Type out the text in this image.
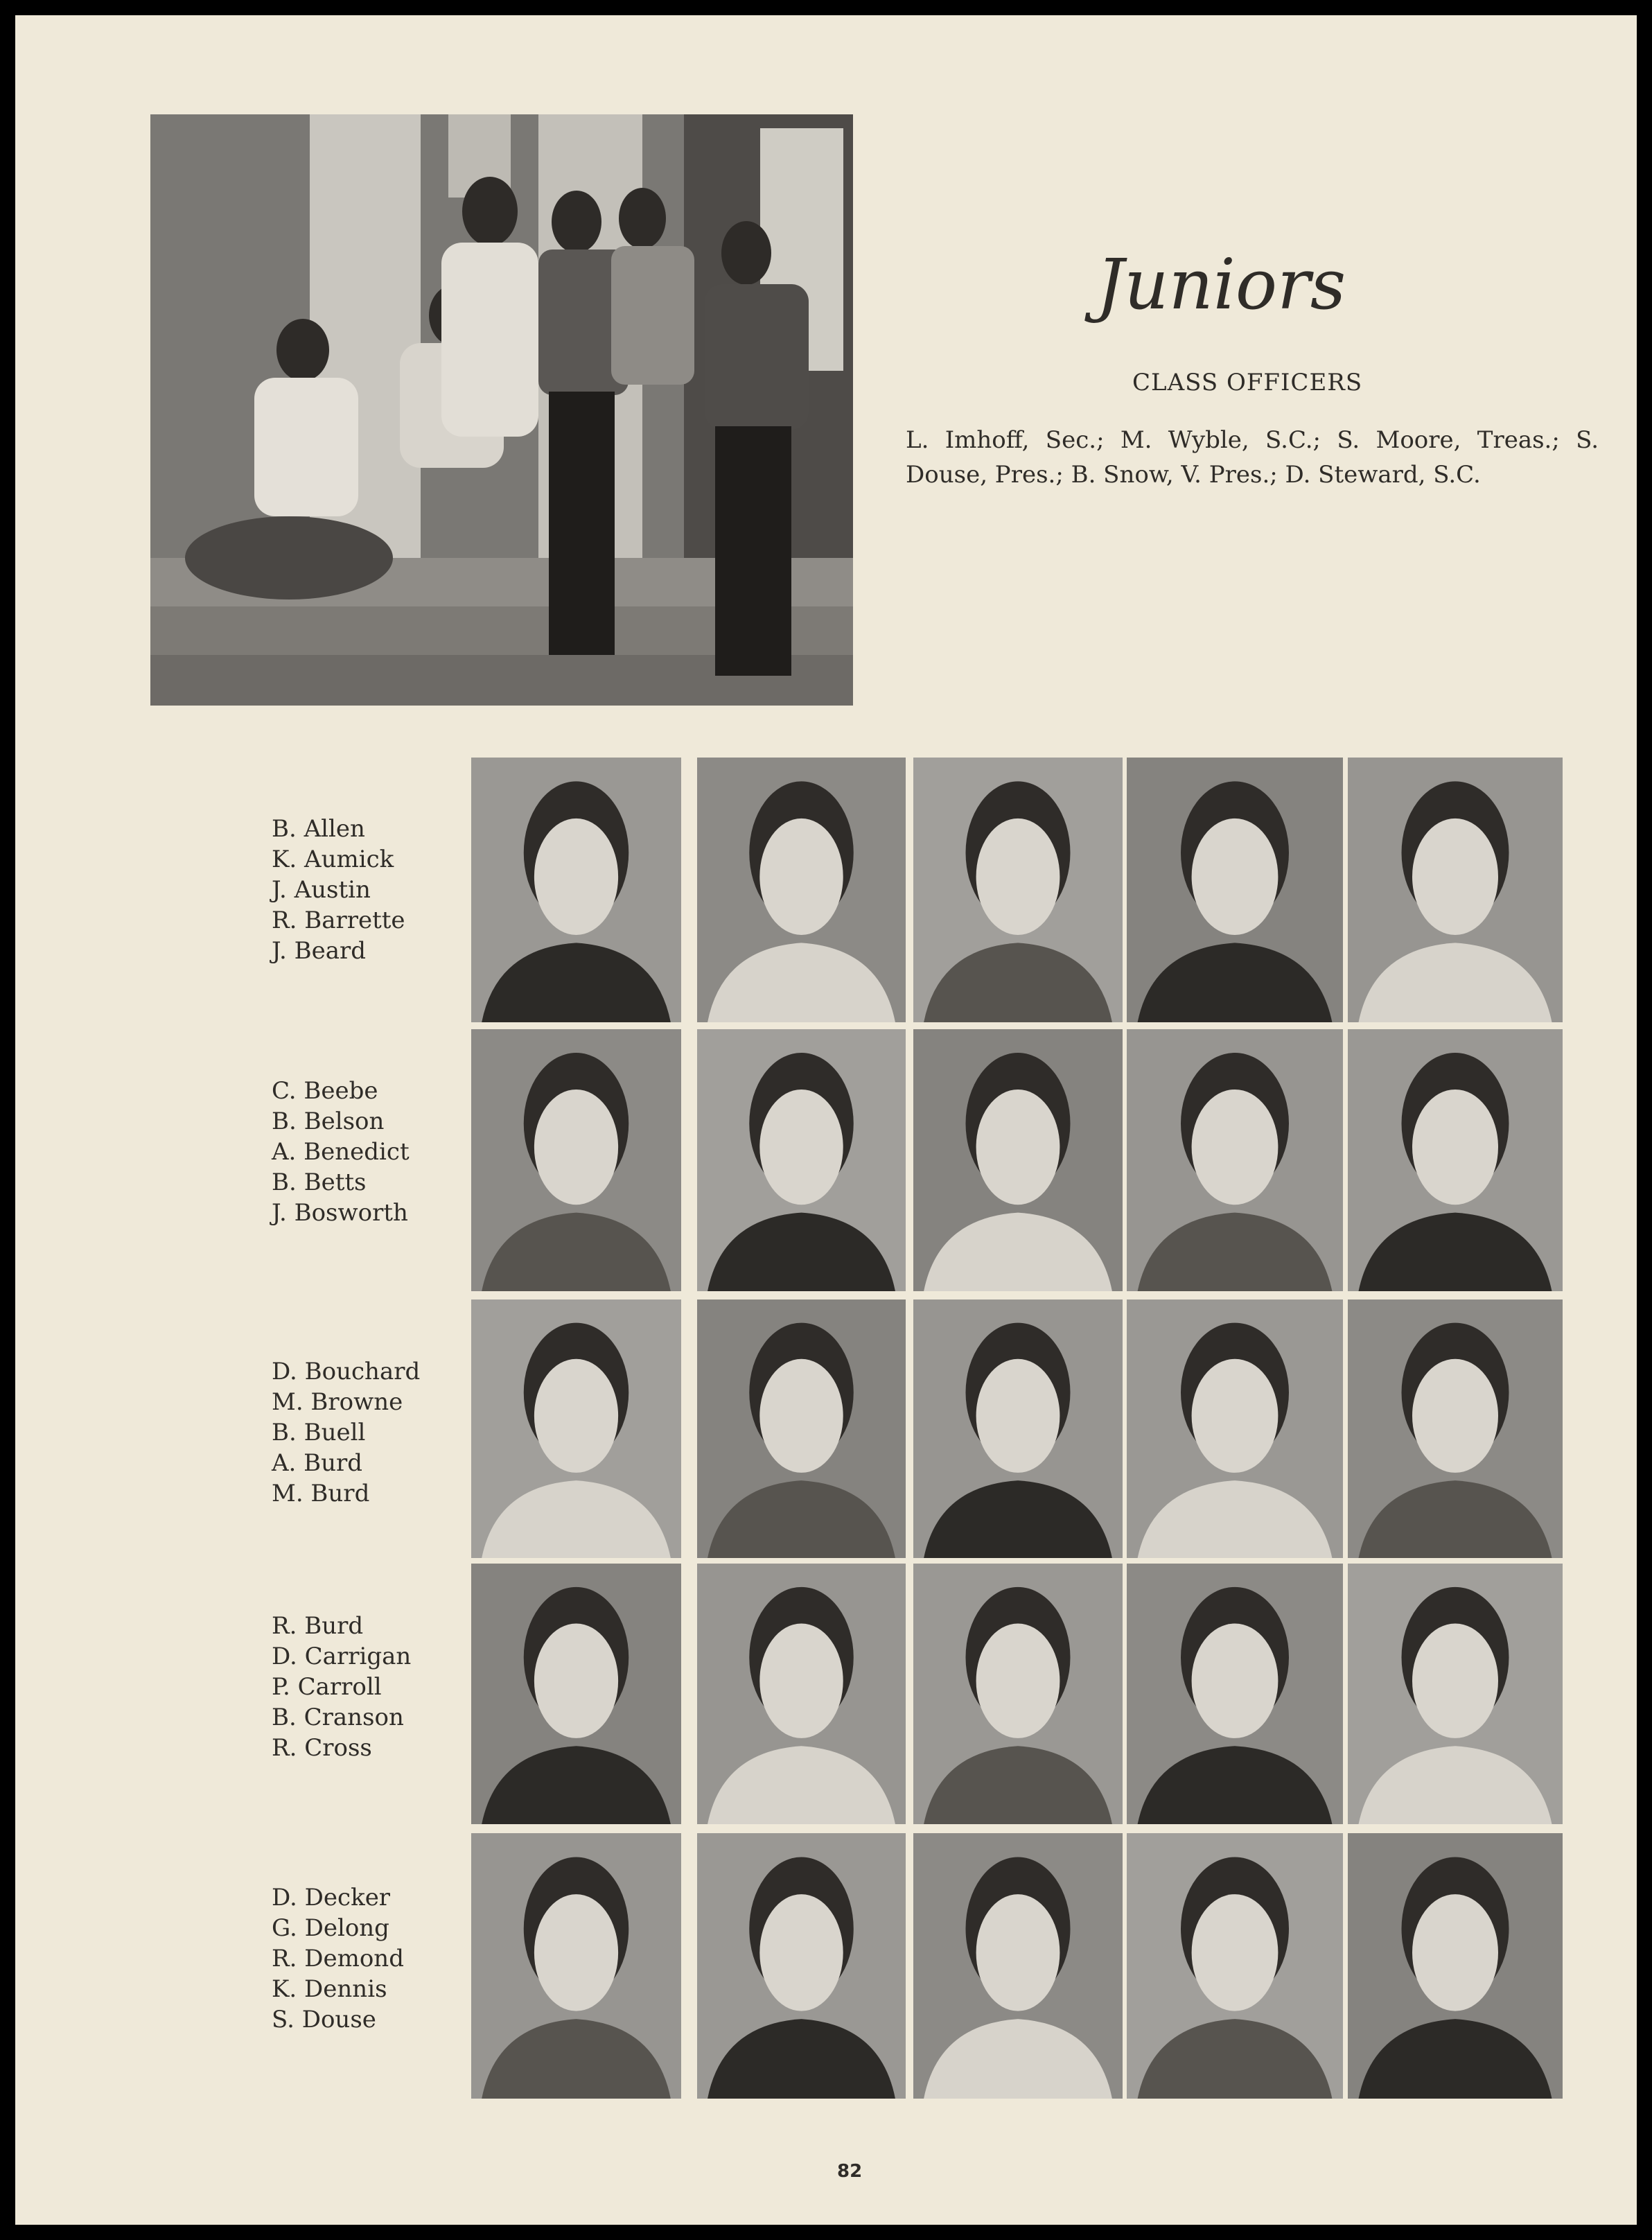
Juniors

CLASS OFFICERS

L. Imhoff, Sec.; M. Wyble, S.C.; S. Moore, Treas.; S. Douse, Pres.; B. Snow, V. Pres.; D. Steward, S.C.
B. Allen
K. Aumick
J. Austin
R. Barrette
J. Beard
C. Beebe
B. Belson
A. Benedict
B. Betts
J. Bosworth
D. Bouchard
M. Browne
B. Buell
A. Burd
M. Burd
R. Burd
D. Carrigan
P. Carroll
B. Cranson
R. Cross
D. Decker
G. Delong
R. Demond
K. Dennis
S. Douse
82
